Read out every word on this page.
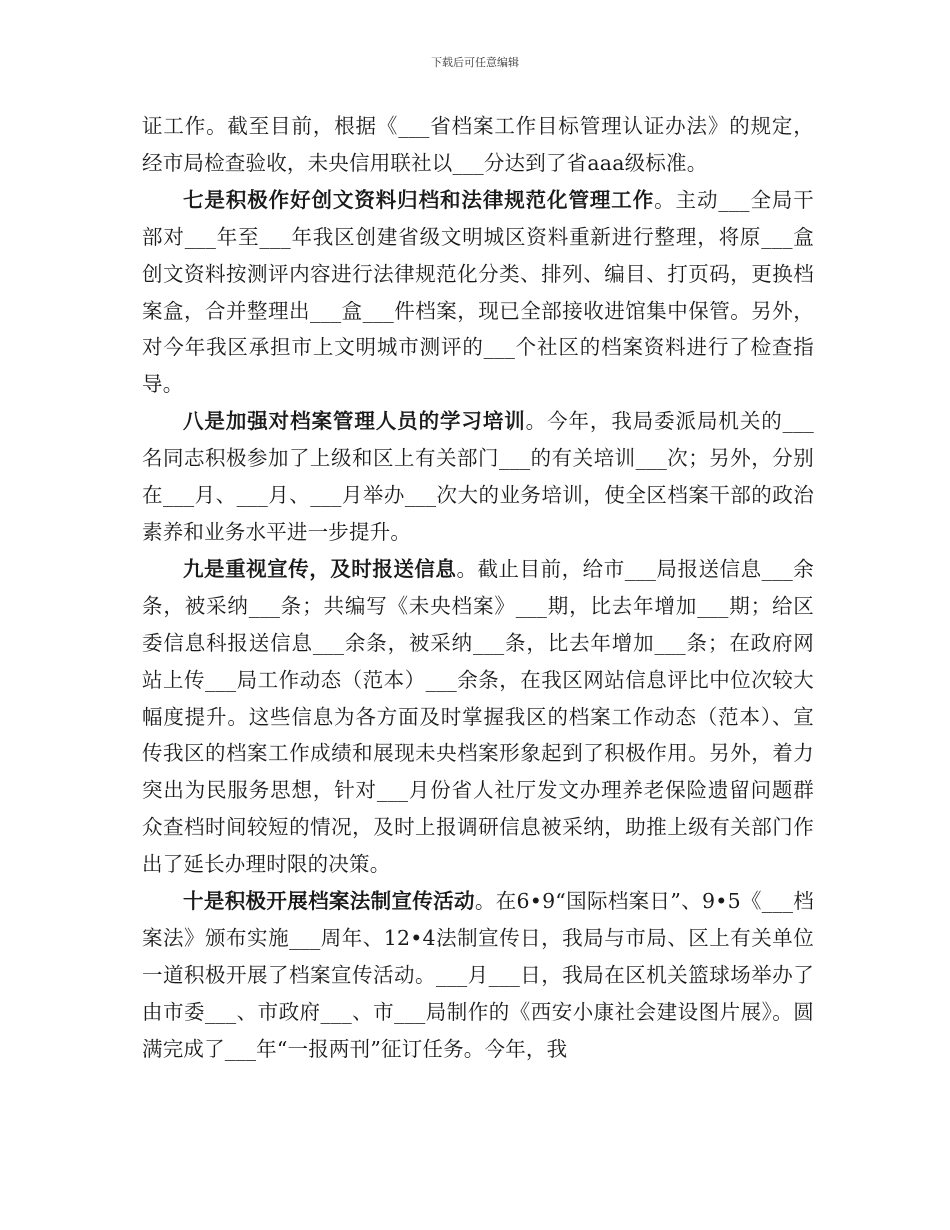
下载后可任意编辑

证工作。截至目前，根据《___省档案工作目标管理认证办法》的规定，经市局检查验收，未央信用联社以___分达到了省aaa级标准。

七是积极作好创文资料归档和法律规范化管理工作。主动___全局干部对___年至___年我区创建省级文明城区资料重新进行整理，将原___盒创文资料按测评内容进行法律规范化分类、排列、编目、打页码，更换档案盒，合并整理出___盒___件档案，现已全部接收进馆集中保管。另外，对今年我区承担市上文明城市测评的___个社区的档案资料进行了检查指导。

八是加强对档案管理人员的学习培训。今年，我局委派局机关的___名同志积极参加了上级和区上有关部门___的有关培训___次；另外，分别在___月、___月、___月举办___次大的业务培训，使全区档案干部的政治素养和业务水平进一步提升。

九是重视宣传，及时报送信息。截止目前，给市___局报送信息___余条，被采纳___条；共编写《未央档案》___期，比去年增加___期；给区委信息科报送信息___余条，被采纳___条，比去年增加___条；在政府网站上传___局工作动态（范本）___余条，在我区网站信息评比中位次较大幅度提升。这些信息为各方面及时掌握我区的档案工作动态（范本）、宣传我区的档案工作成绩和展现未央档案形象起到了积极作用。另外，着力突出为民服务思想，针对___月份省人社厅发文办理养老保险遗留问题群众查档时间较短的情况，及时上报调研信息被采纳，助推上级有关部门作出了延长办理时限的决策。

十是积极开展档案法制宣传活动。在6•9“国际档案日”、9•5《___档案法》颁布实施___周年、12•4法制宣传日，我局与市局、区上有关单位一道积极开展了档案宣传活动。___月___日，我局在区机关篮球场举办了由市委___、市政府___、市___局制作的《西安小康社会建设图片展》。圆满完成了___年“一报两刊”征订任务。今年，我
